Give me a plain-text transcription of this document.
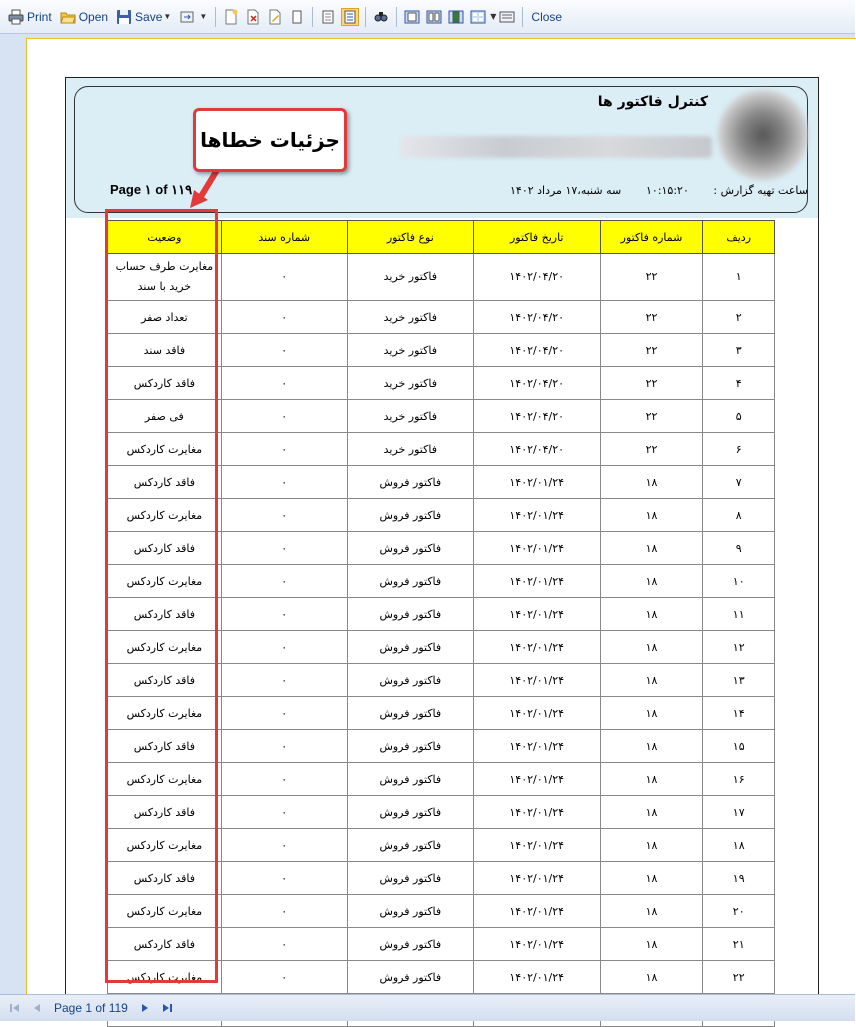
Print Open Save ▼	▼	▼	Close
کنترل فاکتور ها
Page ۱ of ۱۱۹	سه شنبه،۱۷ مرداد ۱۴۰۲ ۱۰:۱۵:۲۰ ساعت تهیه گزارش :
ردیف	شماره فاکتور	تاریخ فاکتور	نوع فاکتور	شماره سند	وضعیت
۱	۲۲	۱۴۰۲/۰۴/۲۰	فاکتور خرید	۰	مغایرت طرف حساب خرید با سند
۲	۲۲	۱۴۰۲/۰۴/۲۰	فاکتور خرید	۰	تعداد صفر
۳	۲۲	۱۴۰۲/۰۴/۲۰	فاکتور خرید	۰	فاقد سند
۴	۲۲	۱۴۰۲/۰۴/۲۰	فاکتور خرید	۰	فاقد کاردکس
۵	۲۲	۱۴۰۲/۰۴/۲۰	فاکتور خرید	۰	فی صفر
۶	۲۲	۱۴۰۲/۰۴/۲۰	فاکتور خرید	۰	مغایرت کاردکس
۷	۱۸	۱۴۰۲/۰۱/۲۴	فاکتور فروش	۰	فاقد کاردکس
۸	۱۸	۱۴۰۲/۰۱/۲۴	فاکتور فروش	۰	مغایرت کاردکس
۹	۱۸	۱۴۰۲/۰۱/۲۴	فاکتور فروش	۰	فاقد کاردکس
۱۰	۱۸	۱۴۰۲/۰۱/۲۴	فاکتور فروش	۰	مغایرت کاردکس
۱۱	۱۸	۱۴۰۲/۰۱/۲۴	فاکتور فروش	۰	فاقد کاردکس
۱۲	۱۸	۱۴۰۲/۰۱/۲۴	فاکتور فروش	۰	مغایرت کاردکس
۱۳	۱۸	۱۴۰۲/۰۱/۲۴	فاکتور فروش	۰	فاقد کاردکس
۱۴	۱۸	۱۴۰۲/۰۱/۲۴	فاکتور فروش	۰	مغایرت کاردکس
۱۵	۱۸	۱۴۰۲/۰۱/۲۴	فاکتور فروش	۰	فاقد کاردکس
۱۶	۱۸	۱۴۰۲/۰۱/۲۴	فاکتور فروش	۰	مغایرت کاردکس
۱۷	۱۸	۱۴۰۲/۰۱/۲۴	فاکتور فروش	۰	فاقد کاردکس
۱۸	۱۸	۱۴۰۲/۰۱/۲۴	فاکتور فروش	۰	مغایرت کاردکس
۱۹	۱۸	۱۴۰۲/۰۱/۲۴	فاکتور فروش	۰	فاقد کاردکس
۲۰	۱۸	۱۴۰۲/۰۱/۲۴	فاکتور فروش	۰	مغایرت کاردکس
۲۱	۱۸	۱۴۰۲/۰۱/۲۴	فاکتور فروش	۰	فاقد کاردکس
۲۲	۱۸	۱۴۰۲/۰۱/۲۴	فاکتور فروش	۰	مغایرت کاردکس

جزئیات خطاها
Page 1 of 119
